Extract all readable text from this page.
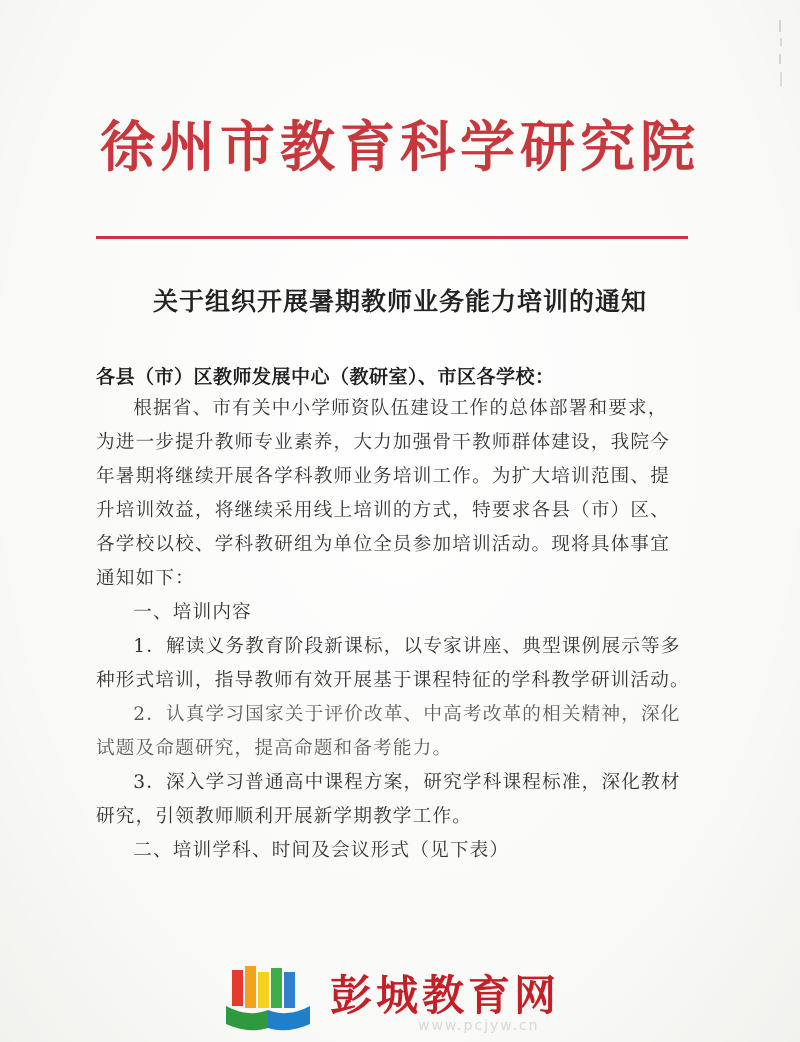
徐州市教育科学研究院
关于组织开展暑期教师业务能力培训的通知
各县（市）区教师发展中心（教研室）、市区各学校：

根据省、市有关中小学师资队伍建设工作的总体部署和要求，
为进一步提升教师专业素养，大力加强骨干教师群体建设，我院今
年暑期将继续开展各学科教师业务培训工作。为扩大培训范围、提
升培训效益，将继续采用线上培训的方式，特要求各县（市）区、
各学校以校、学科教研组为单位全员参加培训活动。现将具体事宜
通知如下：

一、培训内容
1．解读义务教育阶段新课标，以专家讲座、典型课例展示等多
种形式培训，指导教师有效开展基于课程特征的学科教学研训活动。
2．认真学习国家关于评价改革、中高考改革的相关精神，深化
试题及命题研究，提高命题和备考能力。
3．深入学习普通高中课程方案，研究学科课程标准，深化教材
研究，引领教师顺利开展新学期教学工作。

二、培训学科、时间及会议形式（见下表）

彭城教育网
www.pcjyw.cn
